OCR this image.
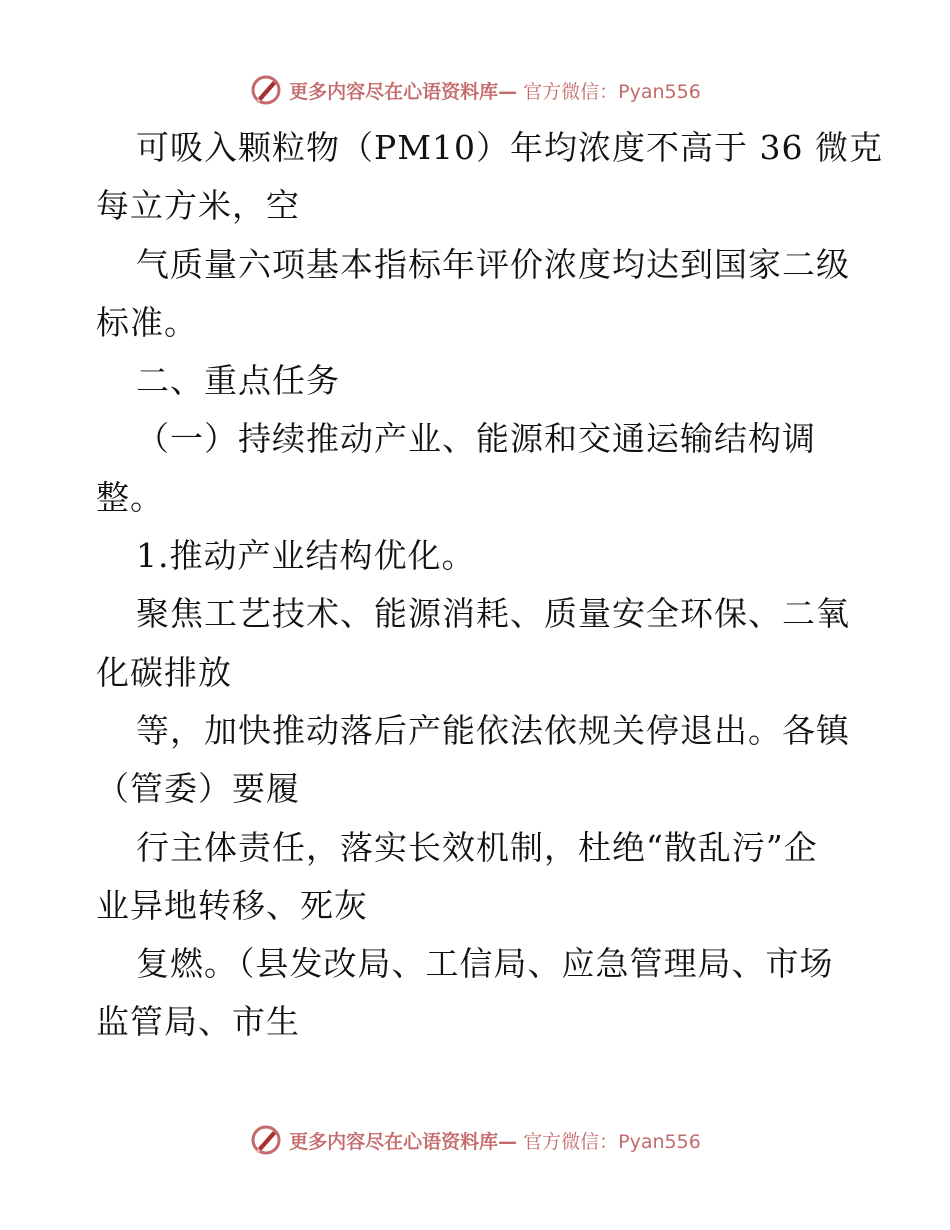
更多内容尽在心语资料库— 官方微信：Pyan556
可吸入颗粒物（PM10）年均浓度不高于 36 微克
每立方米，空
气质量六项基本指标年评价浓度均达到国家二级
标准。
二、重点任务
（一）持续推动产业、能源和交通运输结构调
整。
1.推动产业结构优化。
聚焦工艺技术、能源消耗、质量安全环保、二氧
化碳排放
等，加快推动落后产能依法依规关停退出。各镇
（管委）要履
行主体责任，落实长效机制，杜绝“散乱污”企
业异地转移、死灰
复燃。（县发改局、工信局、应急管理局、市场
监管局、市生
更多内容尽在心语资料库— 官方微信：Pyan556
